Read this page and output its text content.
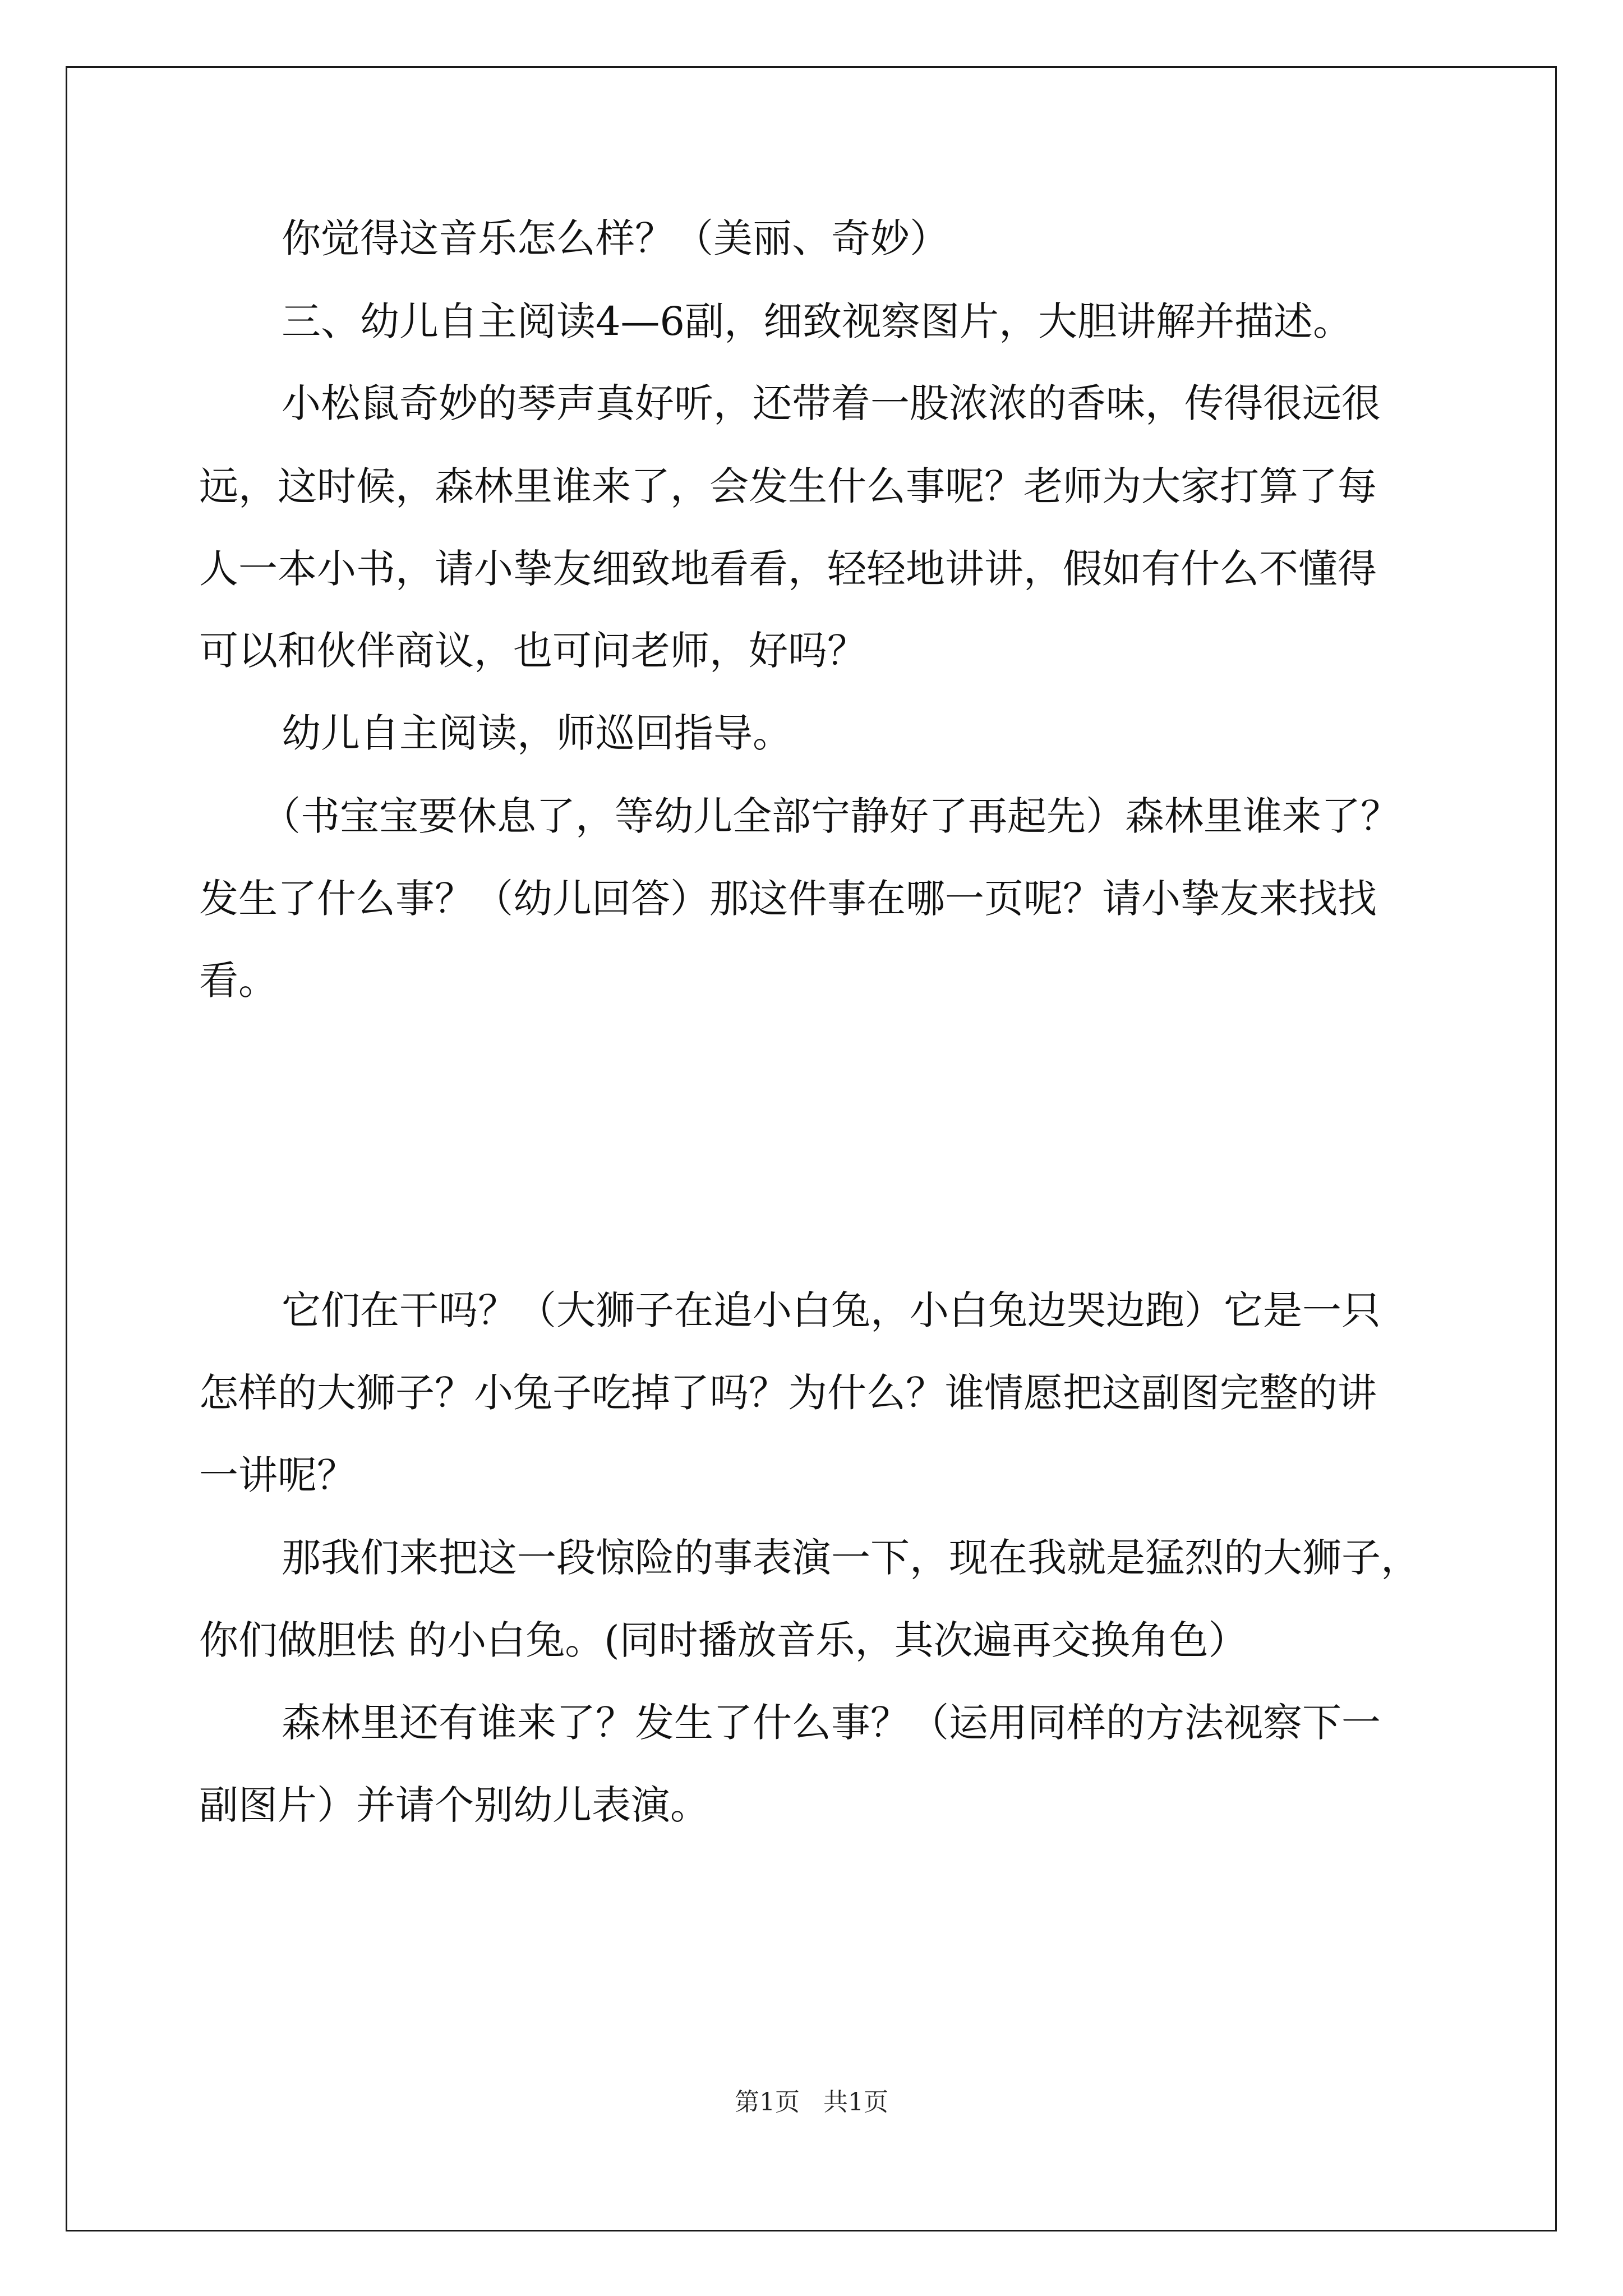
你觉得这音乐怎么样？（美丽、奇妙）
三、幼儿自主阅读4—6副，细致视察图片，大胆讲解并描述。
小松鼠奇妙的琴声真好听，还带着一股浓浓的香味，传得很远很
远，这时候，森林里谁来了，会发生什么事呢？老师为大家打算了每
人一本小书，请小挚友细致地看看，轻轻地讲讲，假如有什么不懂得
可以和伙伴商议，也可问老师，好吗？
幼儿自主阅读，师巡回指导。
（书宝宝要休息了，等幼儿全部宁静好了再起先）森林里谁来了？
发生了什么事？（幼儿回答）那这件事在哪一页呢？请小挚友来找找
看。
它们在干吗？（大狮子在追小白兔，小白兔边哭边跑）它是一只
怎样的大狮子？小兔子吃掉了吗？为什么？谁情愿把这副图完整的讲
一讲呢？
那我们来把这一段惊险的事表演一下，现在我就是猛烈的大狮子，
你们做胆怯 的小白兔。(同时播放音乐，其次遍再交换角色）
森林里还有谁来了？发生了什么事？（运用同样的方法视察下一
副图片）并请个别幼儿表演。
第1页   共1页
